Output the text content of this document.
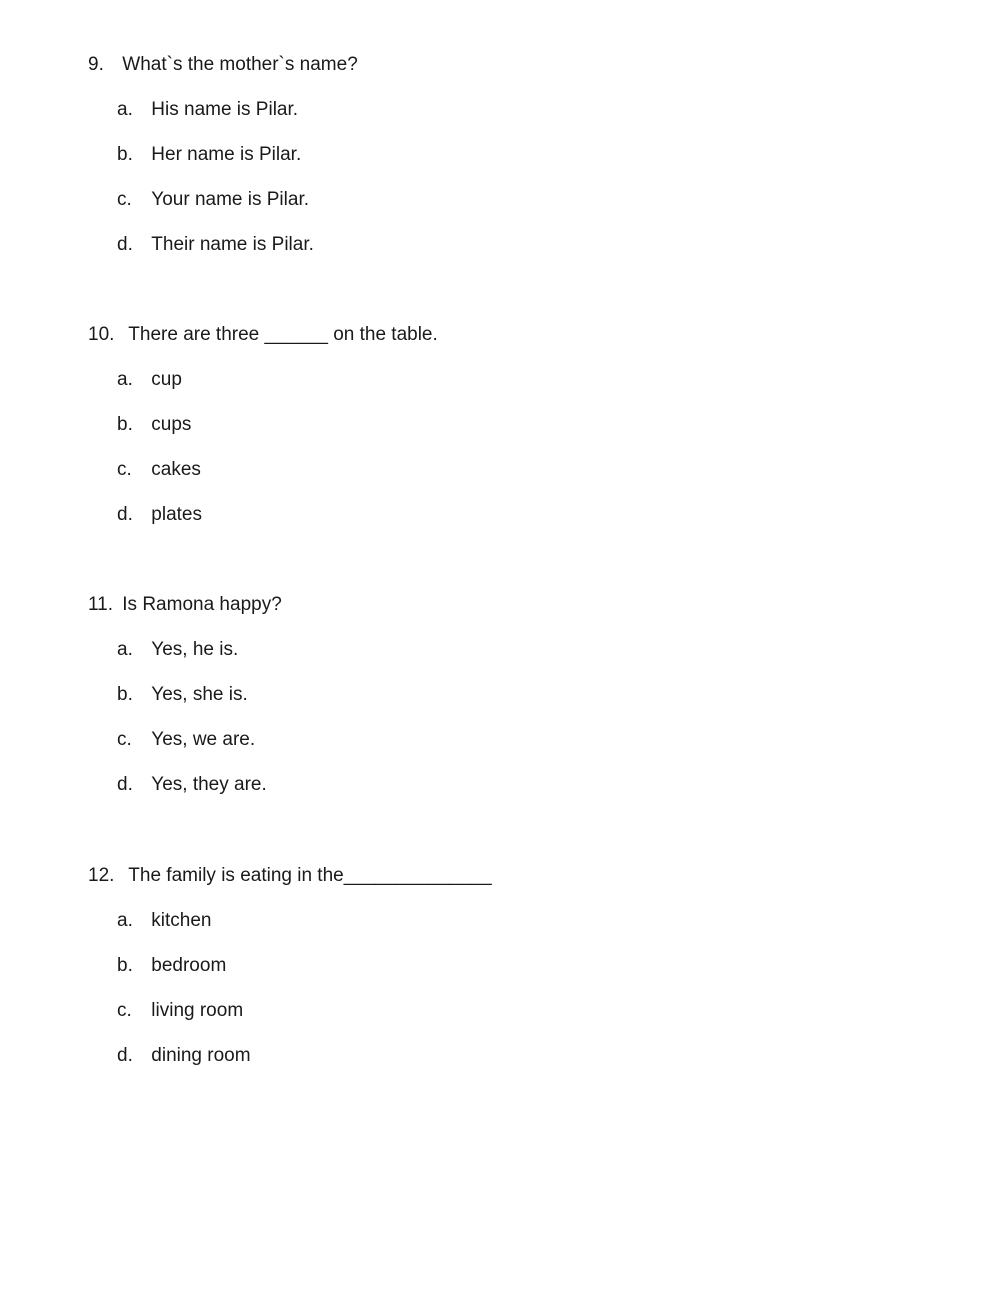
9. What`s the mother`s name?
a. His name is Pilar.
b. Her name is Pilar.
c. Your name is Pilar.
d. Their name is Pilar.
10. There are three ______ on the table.
a. cup
b. cups
c. cakes
d. plates
11. Is Ramona happy?
a. Yes, he is.
b. Yes, she is.
c. Yes, we are.
d. Yes, they are.
12. The family is eating in the______________
a. kitchen
b. bedroom
c. living room
d. dining room
